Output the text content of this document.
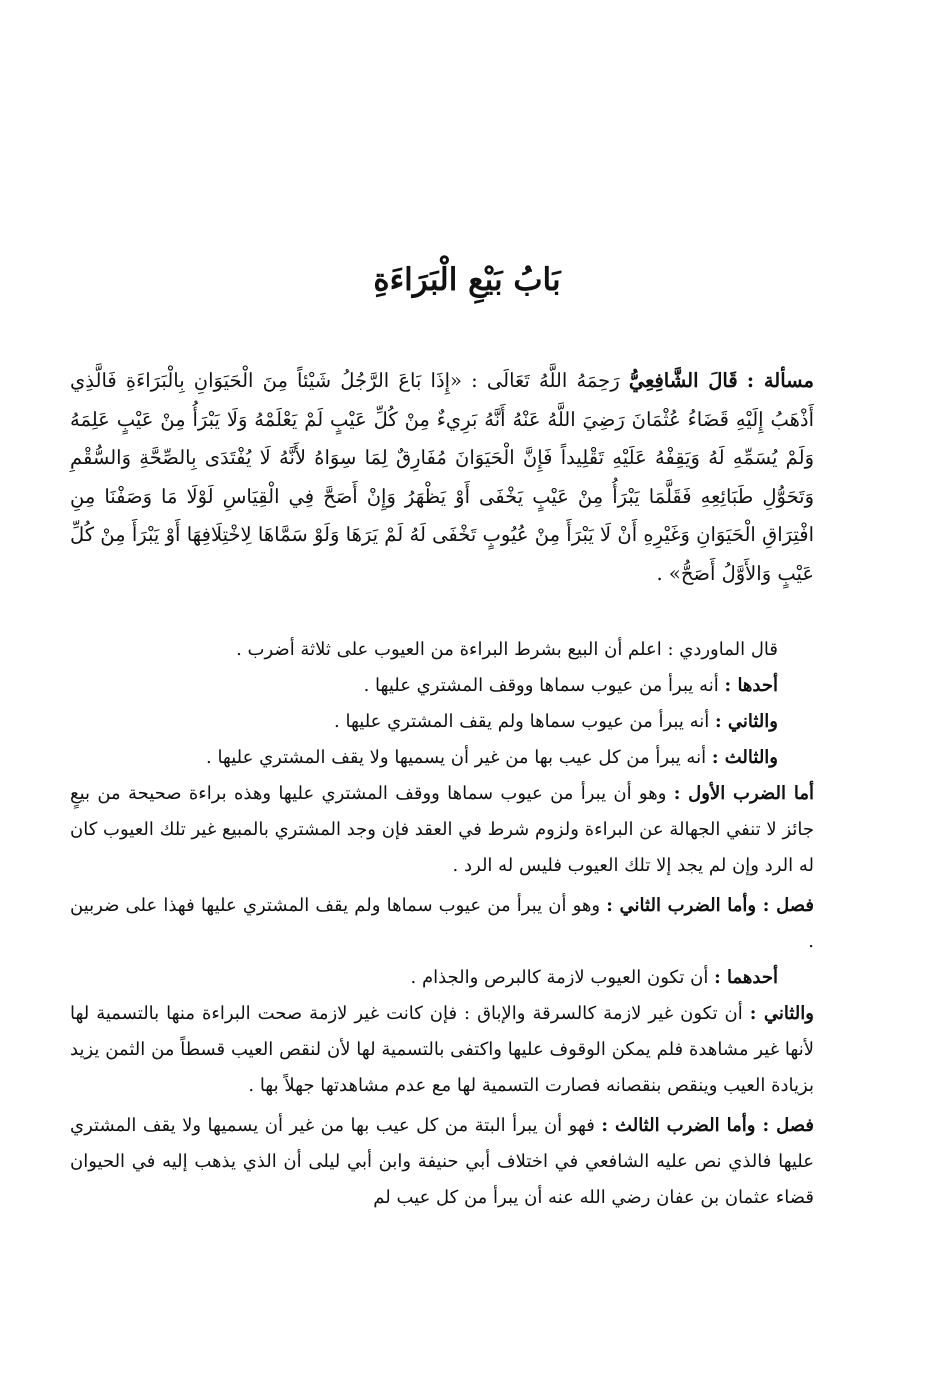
بَابُ بَيْعِ الْبَرَاءَةِ

مسألة : قَالَ الشَّافِعِيُّ رَحِمَهُ اللَّهُ تَعَالَى : «إِذَا بَاعَ الرَّجُلُ شَيْئاً مِنَ الْحَيَوَانِ بِالْبَرَاءَةِ فَالَّذِي أَذْهَبُ إِلَيْهِ قَضَاءُ عُثْمَانَ رَضِيَ اللَّهُ عَنْهُ أَنَّهُ بَرِيءٌ مِنْ كُلِّ عَيْبٍ لَمْ يَعْلَمْهُ وَلَا يَبْرَأُ مِنْ عَيْبٍ عَلِمَهُ وَلَمْ يُسَمِّهِ لَهُ وَيَقِفْهُ عَلَيْهِ تَقْلِيداً فَإِنَّ الْحَيَوَانَ مُفَارِقٌ لِمَا سِوَاهُ لأَنَّهُ لَا يُفْتَدَى بِالصِّحَّةِ وَالسُّقْمِ وَتَحَوُّلِ طَبَائِعِهِ فَقَلَّمَا يَبْرَأُ مِنْ عَيْبٍ يَخْفَى أَوْ يَظْهَرُ وَإِنْ أَصَحَّ فِي الْقِيَاسِ لَوْلَا مَا وَصَفْنَا مِنِ افْتِرَاقِ الْحَيَوَانِ وَغَيْرِهِ أَنْ لَا يَبْرَأَ مِنْ عُيُوبٍ تَخْفَى لَهُ لَمْ يَرَهَا وَلَوْ سَمَّاهَا لِاخْتِلَافِهَا أَوْ يَبْرَأَ مِنْ كُلِّ عَيْبٍ وَالأَوَّلُ أَصَحُّ» .

قال الماوردي : اعلم أن البيع بشرط البراءة من العيوب على ثلاثة أضرب .

أحدها : أنه يبرأ من عيوب سماها ووقف المشتري عليها .

والثاني : أنه يبرأ من عيوب سماها ولم يقف المشتري عليها .

والثالث : أنه يبرأ من كل عيب بها من غير أن يسميها ولا يقف المشتري عليها .

أما الضرب الأول : وهو أن يبرأ من عيوب سماها ووقف المشتري عليها وهذه براءة صحيحة من بيعٍ جائز لا تنفي الجهالة عن البراءة ولزوم شرط في العقد فإن وجد المشتري بالمبيع غير تلك العيوب كان له الرد وإن لم يجد إلا تلك العيوب فليس له الرد .

فصل : وأما الضرب الثاني : وهو أن يبرأ من عيوب سماها ولم يقف المشتري عليها فهذا على ضربين .

أحدهما : أن تكون العيوب لازمة كالبرص والجذام .

والثاني : أن تكون غير لازمة كالسرقة والإباق : فإن كانت غير لازمة صحت البراءة منها بالتسمية لها لأنها غير مشاهدة فلم يمكن الوقوف عليها واكتفى بالتسمية لها لأن لنقص العيب قسطاً من الثمن يزيد بزيادة العيب وينقص بنقصانه فصارت التسمية لها مع عدم مشاهدتها جهلاً بها .

فصل : وأما الضرب الثالث : فهو أن يبرأ البتة من كل عيب بها من غير أن يسميها ولا يقف المشتري عليها فالذي نص عليه الشافعي في اختلاف أبي حنيفة وابن أبي ليلى أن الذي يذهب إليه في الحيوان قضاء عثمان بن عفان رضي الله عنه أن يبرأ من كل عيب لم
